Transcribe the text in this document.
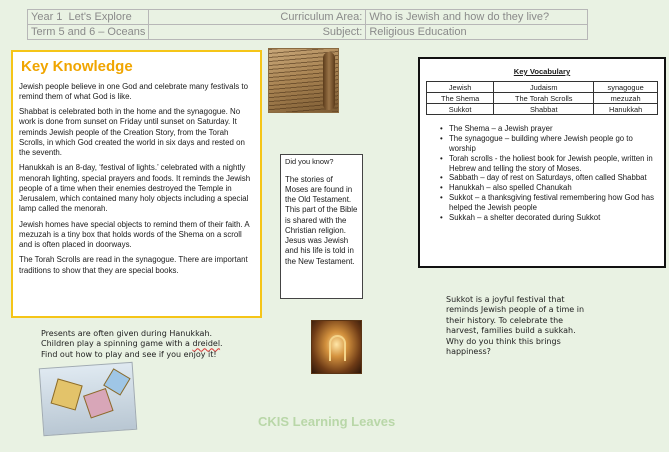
Year 1 Let's Explore	Curriculum Area:	Who is Jewish and how do they live?
Term 5 and 6 – Oceans	Subject:	Religious Education
Key Knowledge

Jewish people believe in one God and celebrate many festivals to remind them of what God is like.

Shabbat is celebrated both in the home and the synagogue. No work is done from sunset on Friday until sunset on Saturday. It reminds Jewish people of the Creation Story, from the Torah Scrolls, in which God created the world in six days and rested on the seventh.

Hanukkah is an 8-day, ‘festival of lights.’ celebrated with a nightly menorah lighting, special prayers and foods. It reminds the Jewish people of a time when their enemies destroyed the Temple in Jerusalem, which contained many holy objects including a special lamp called the menorah.

Jewish homes have special objects to remind them of their faith. A mezuzah is a tiny box that holds words of the Shema on a scroll and is often placed in doorways.

The Torah Scrolls are read in the synagogue. There are important traditions to show that they are special books.

Did you know?
The stories of Moses are found in the Old Testament. This part of the Bible is shared with the Christian religion. Jesus was Jewish and his life is told in the New Testament.
Key Vocabulary
Jewish	Judaism	synagogue
The Shema	The Torah Scrolls	mezuzah
Sukkot	Shabbat	Hanukkah
• The Shema – a Jewish prayer
• The synagogue – building where Jewish people go to worship
• Torah scrolls - the holiest book for Jewish people, written in Hebrew and telling the story of Moses.
• Sabbath – day of rest on Saturdays, often called Shabbat
• Hanukkah – also spelled Chanukah
• Sukkot – a thanksgiving festival remembering how God has helped the Jewish people
• Sukkah – a shelter decorated during Sukkot
Presents are often given during Hanukkah.
Children play a spinning game with a dreidel.
Find out how to play and see if you enjoy it!
Sukkot is a joyful festival that reminds Jewish people of a time in their history. To celebrate the harvest, families build a sukkah. Why do you think this brings happiness?
CKIS Learning Leaves
